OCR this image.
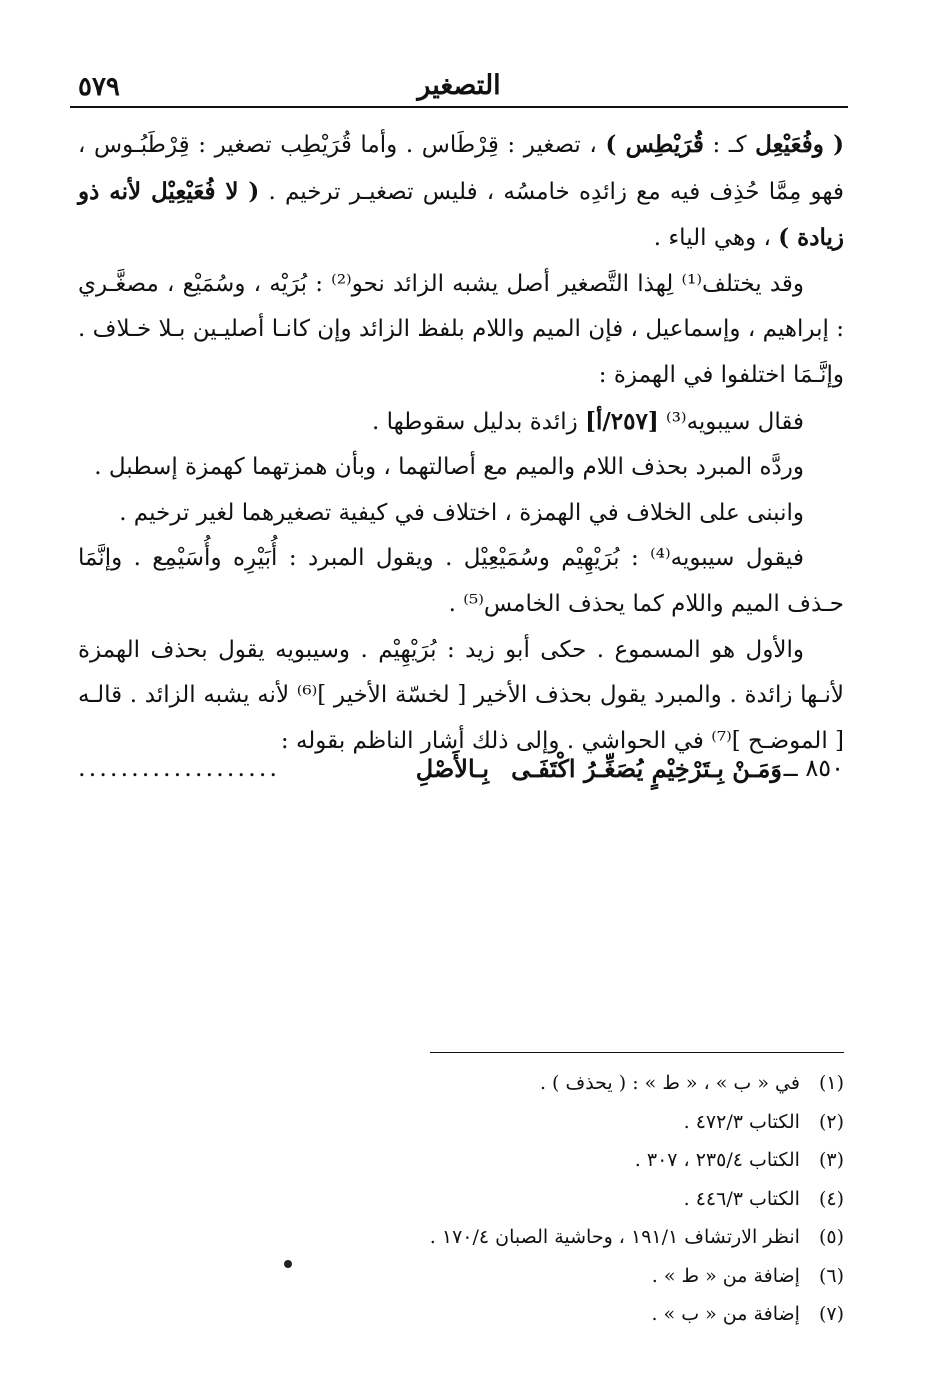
٥٧٩	التصغير

( وفُعَيْعِل كـ : قُرَيْطِس ) ، تصغير : قِرْطَاس . وأما قُرَيْطِب تصغير : قِرْطَبُـوس ، فهو مِمَّا حُذِف فيه مع زائدِه خامسُه ، فليس تصغيـر ترخيم . ( لا فُعَيْعِيْل لأنه ذو زيادة ) ، وهي الياء .

وقد يختلف⁽¹⁾ لِهذا التَّصغير أصل يشبه الزائد نحو⁽²⁾ : بُرَيْه ، وسُمَيْع ، مصغَّـري : إبراهيم ، وإسماعيل ، فإن الميم واللام بلفظ الزائد وإن كانـا أصليـين بـلا خـلاف . وإنَّـمَا اختلفوا في الهمزة :

فقال سيبويه⁽³⁾ [٢٥٧/أ] زائدة بدليل سقوطها .

وردَّه المبرد بحذف اللام والميم مع أصالتهما ، وبأن همزتهما كهمزة إسطبل .

وانبنى على الخلاف في الهمزة ، اختلاف في كيفية تصغيرهما لغير ترخيم .

فيقول سيبويه⁽⁴⁾ : بُرَيْهِيْم وسُمَيْعِيْل . ويقول المبرد : أُبَيْرِه وأُسَيْمِع . وإنَّمَا حـذف الميم واللام كما يحذف الخامس⁽⁵⁾ .

والأول هو المسموع . حكى أبو زيد : بُرَيْهِيْم . وسيبويه يقول بحذف الهمزة لأنـها زائدة . والمبرد يقول بحذف الأخير [ لخسّة الأخير ]⁽⁶⁾ لأنه يشبه الزائد . قالـه [ الموضـح ]⁽⁷⁾ في الحواشي . وإلى ذلك أشار الناظم بقوله :

٨٥٠ ــ
وَمَـنْ بِـتَرْخِيْمٍ يُصَغِّـرُ اكْتَفَـى
بِـالأَصْلِ
...................
(١) في « ب » ، « ط » : ( يحذف ) .
(٢) الكتاب ٤٧٢/٣ .
(٣) الكتاب ٢٣٥/٤ ، ٣٠٧ .
(٤) الكتاب ٤٤٦/٣ .
(٥) انظر الارتشاف ١٩١/١ ، وحاشية الصبان ١٧٠/٤ .
(٦) إضافة من « ط » .
(٧) إضافة من « ب » .
